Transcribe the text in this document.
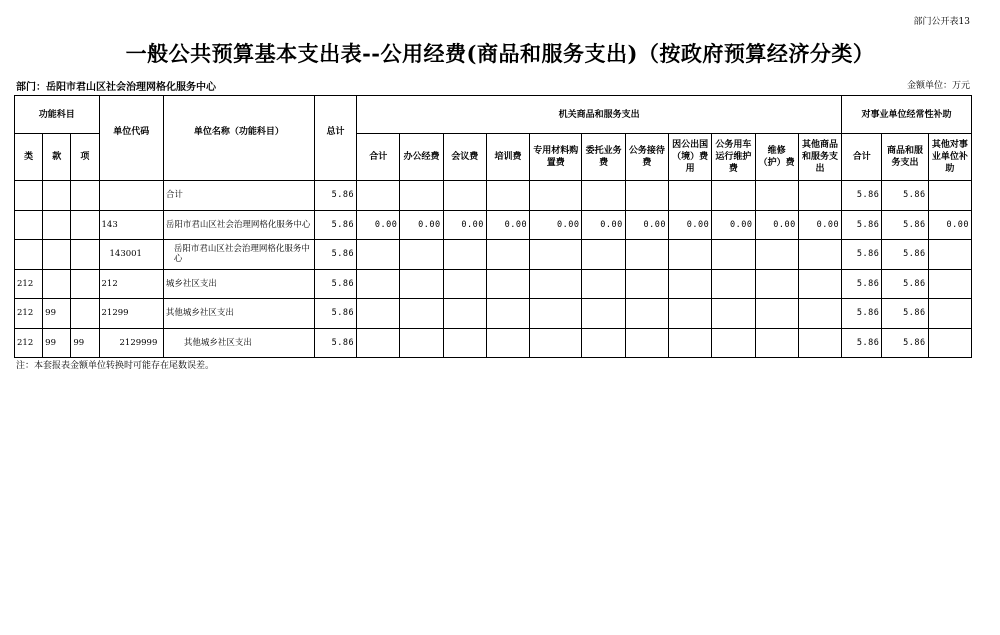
部门公开表13
一般公共预算基本支出表--公用经费(商品和服务支出)（按政府预算经济分类）
部门：岳阳市君山区社会治理网格化服务中心	金额单位：万元
功能科目			单位代码	单位名称（功能科目）	总计	机关商品和服务支出											对事业单位经常性补助		
类	款	项				合计	办公经费	会议费	培训费	专用材料购置费	委托业务费	公务接待费	因公出国（境）费用	公务用车运行维护费	维修（护）费	其他商品和服务支出	合计	商品和服务支出	其他对事业单位补助
				合计	5.86												5.86	5.86	
			143	岳阳市君山区社会治理网格化服务中心	5.86	0.00	0.00	0.00	0.00	0.00	0.00	0.00	0.00	0.00	0.00	0.00	5.86	5.86	0.00
			143001	岳阳市君山区社会治理网格化服务中心	5.86												5.86	5.86	
212			212	城乡社区支出	5.86												5.86	5.86	
212	99		21299	其他城乡社区支出	5.86												5.86	5.86	
212	99	99	2129999	其他城乡社区支出	5.86												5.86	5.86	
注：本套报表金额单位转换时可能存在尾数误差。
